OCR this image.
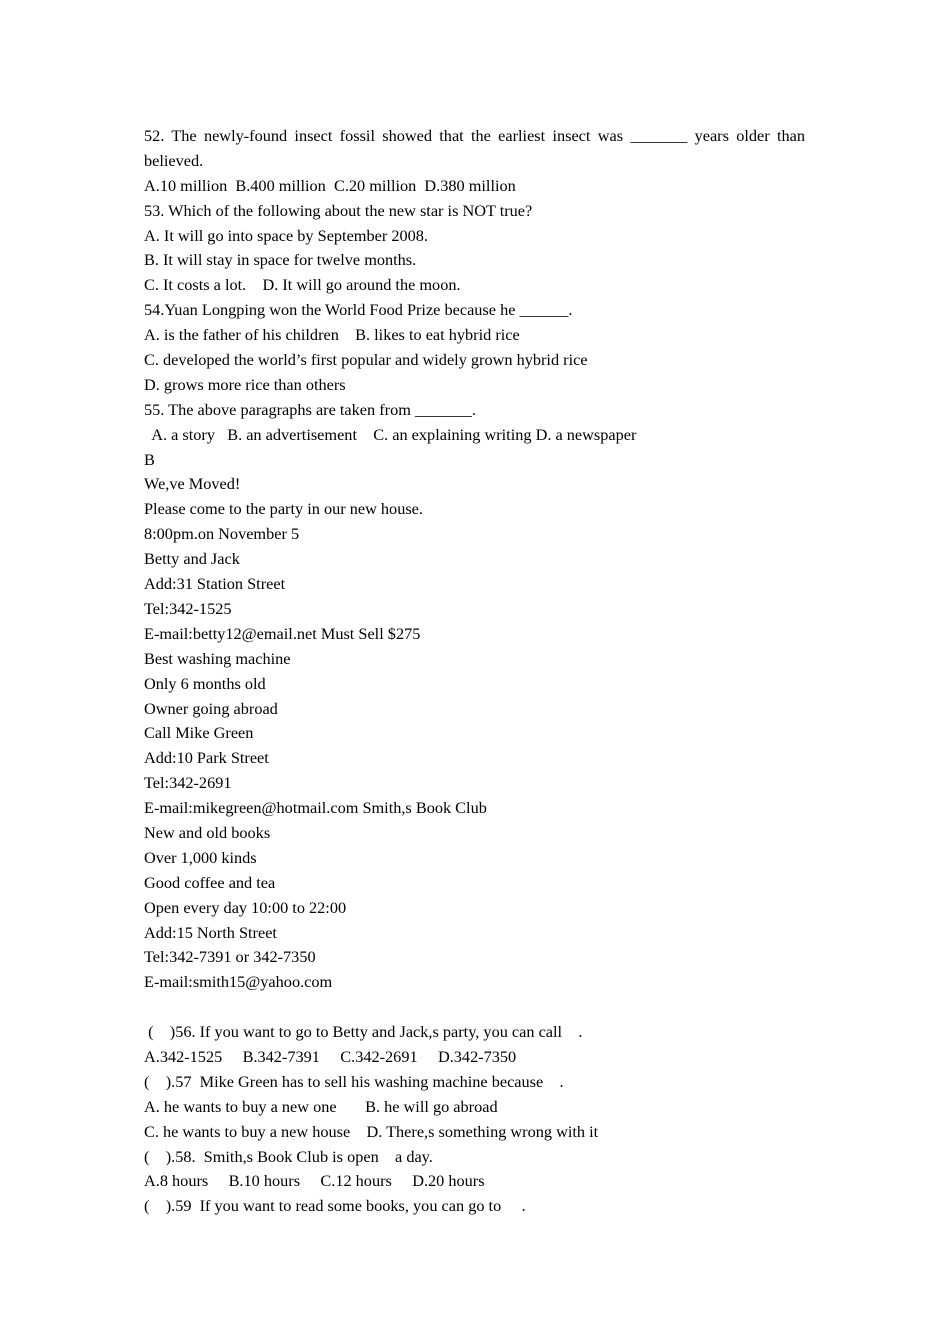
52. The newly-found insect fossil showed that the earliest insect was _______ years older than
believed.
A.10 million  B.400 million  C.20 million  D.380 million
53. Which of the following about the new star is NOT true?
A. It will go into space by September 2008.
B. It will stay in space for twelve months.
C. It costs a lot.    D. It will go around the moon.
54.Yuan Longping won the World Food Prize because he ______.
A. is the father of his children    B. likes to eat hybrid rice
C. developed the world’s first popular and widely grown hybrid rice
D. grows more rice than others
55. The above paragraphs are taken from _______.
A. a story   B. an advertisement    C. an explaining writing D. a newspaper
B
We,ve Moved!
Please come to the party in our new house.
8:00pm.on November 5
Betty and Jack
Add:31 Station Street
Tel:342-1525
E-mail:betty12@email.net Must Sell $275
Best washing machine
Only 6 months old
Owner going abroad
Call Mike Green
Add:10 Park Street
Tel:342-2691
E-mail:mikegreen@hotmail.com Smith,s Book Club
New and old books
Over 1,000 kinds
Good coffee and tea
Open every day 10:00 to 22:00
Add:15 North Street
Tel:342-7391 or 342-7350
E-mail:smith15@yahoo.com
(    )56. If you want to go to Betty and Jack,s party, you can call    .
A.342-1525     B.342-7391     C.342-2691     D.342-7350
(    ).57  Mike Green has to sell his washing machine because    .
A. he wants to buy a new one       B. he will go abroad
C. he wants to buy a new house    D. There,s something wrong with it
(    ).58.  Smith,s Book Club is open    a day.
A.8 hours     B.10 hours     C.12 hours     D.20 hours
(    ).59  If you want to read some books, you can go to     .
